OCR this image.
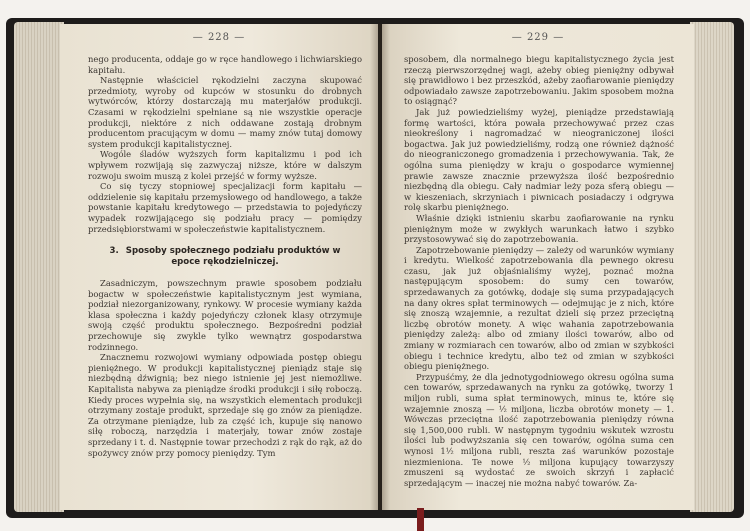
— 228 —

nego producenta, oddaje go w ręce handlowego i lichwiarskiego kapitału.

Następnie właściciel rękodzielni zaczyna skupować przedmioty, wyroby od kupców w stosunku do drobnych wytwórców, którzy dostarczają mu materjałów produkcji. Czasami w rękodzielni spełniane są nie wszystkie operacje produkcji, niektóre z nich oddawane zostają drobnym producentom pracującym w domu — mamy znów tutaj domowy system produkcji kapitalistycznej.

Wogóle śladów wyższych form kapitalizmu i pod ich wpływem rozwijają się zazwyczaj niższe, które w dalszym rozwoju swoim muszą z kolei przejść w formy wyższe.

Co się tyczy stopniowej specjalizacji form kapitału — oddzielenie się kapitału przemysłowego od handlowego, a także powstanie kapitału kredytowego — przedstawia to pojedyńczy wypadek rozwijającego się podziału pracy — pomiędzy przedsiębiorstwami w społeczeństwie kapitalistycznem.

3. Sposoby społecznego podziału produktów w epoce rękodzielniczej.

Zasadniczym, powszechnym prawie sposobem podziału bogactw w społeczeństwie kapitalistycznym jest wymiana, podział niezorganizowany, rynkowy. W procesie wymiany każda klasa społeczna i każdy pojedyńczy członek klasy otrzymuje swoją część produktu społecznego. Bezpośredni podział przechowuje się zwykle tylko wewnątrz gospodarstwa rodzinnego.

Znacznemu rozwojowi wymiany odpowiada postęp obiegu pieniężnego. W produkcji kapitalistycznej pieniądz staje się niezbędną dźwignią; bez niego istnienie jej jest niemożliwe. Kapitalista nabywa za pieniądze środki produkcji i siłę roboczą. Kiedy proces wypełnia się, na wszystkich elementach produkcji otrzymany zostaje produkt, sprzedaje się go znów za pieniądze. Za otrzymane pieniądze, lub za część ich, kupuje się nanowo siłę roboczą, narzędzia i materjały, towar znów zostaje sprzedany i t. d. Następnie towar przechodzi z rąk do rąk, aż do spożywcy znów przy pomocy pieniędzy. Tym

— 229 —

sposobem, dla normalnego biegu kapitalistycznego życia jest rzeczą pierwszorzędnej wagi, ażeby obieg pieniężny odbywał się prawidłowo i bez przeszkód, ażeby zaofiarowanie pieniędzy odpowiadało zawsze zapotrzebowaniu. Jakim sposobem można to osiągnąć?

Jak już powiedzieliśmy wyżej, pieniądze przedstawiają formę wartości, która powała przechowywać przez czas nieokreślony i nagromadzać w nieograniczonej ilości bogactwa. Jak już powiedzieliśmy, rodzą one również dążność do nieograniczonego gromadzenia i przechowywania. Tak, że ogólna suma pieniędzy w kraju o gospodarce wymiennej prawie zawsze znacznie przewyższa ilość bezpośrednio niezbędną dla obiegu. Cały nadmiar leży poza sferą obiegu — w kieszeniach, skrzyniach i piwnicach posiadaczy i odgrywa rolę skarbu pieniężnego.

Właśnie dzięki istnieniu skarbu zaofiarowanie na rynku pieniężnym może w zwykłych warunkach łatwo i szybko przystosowywać się do zapotrzebowania.

Zapotrzebowanie pieniędzy — zależy od warunków wymiany i kredytu. Wielkość zapotrzebowania dla pewnego okresu czasu, jak już objaśnialiśmy wyżej, poznać można następującym sposobem: do sumy cen towarów, sprzedawanych za gotówkę, dodaje się suma przypadających na dany okres spłat terminowych — odejmując je z nich, które się znoszą wzajemnie, a rezultat dzieli się przez przeciętną liczbę obrotów monety. A więc wahania zapotrzebowania pieniędzy zależą: albo od zmiany ilości towarów, albo od zmiany w rozmiarach cen towarów, albo od zmian w szybkości obiegu i technice kredytu, albo też od zmian w szybkości obiegu pieniężnego.

Przypuśćmy, że dla jednotygodniowego okresu ogólna suma cen towarów, sprzedawanych na rynku za gotówkę, tworzy 1 miljon rubli, suma spłat terminowych, minus te, które się wzajemnie znoszą — ½ miljona, liczba obrotów monety — 1. Wówczas przeciętna ilość zapotrzebowania pieniędzy równa się 1,500,000 rubli. W następnym tygodniu wskutek wzrostu ilości lub podwyższania się cen towarów, ogólna suma cen wynosi 1½ miljona rubli, reszta zaś warunków pozostaje niezmieniona. Te nowe ½ miljona kupujący towarzyszy zmuszeni są wydostać ze swoich skrzyń i zapłacić sprzedającym — inaczej nie można nabyć towarów. Za-
